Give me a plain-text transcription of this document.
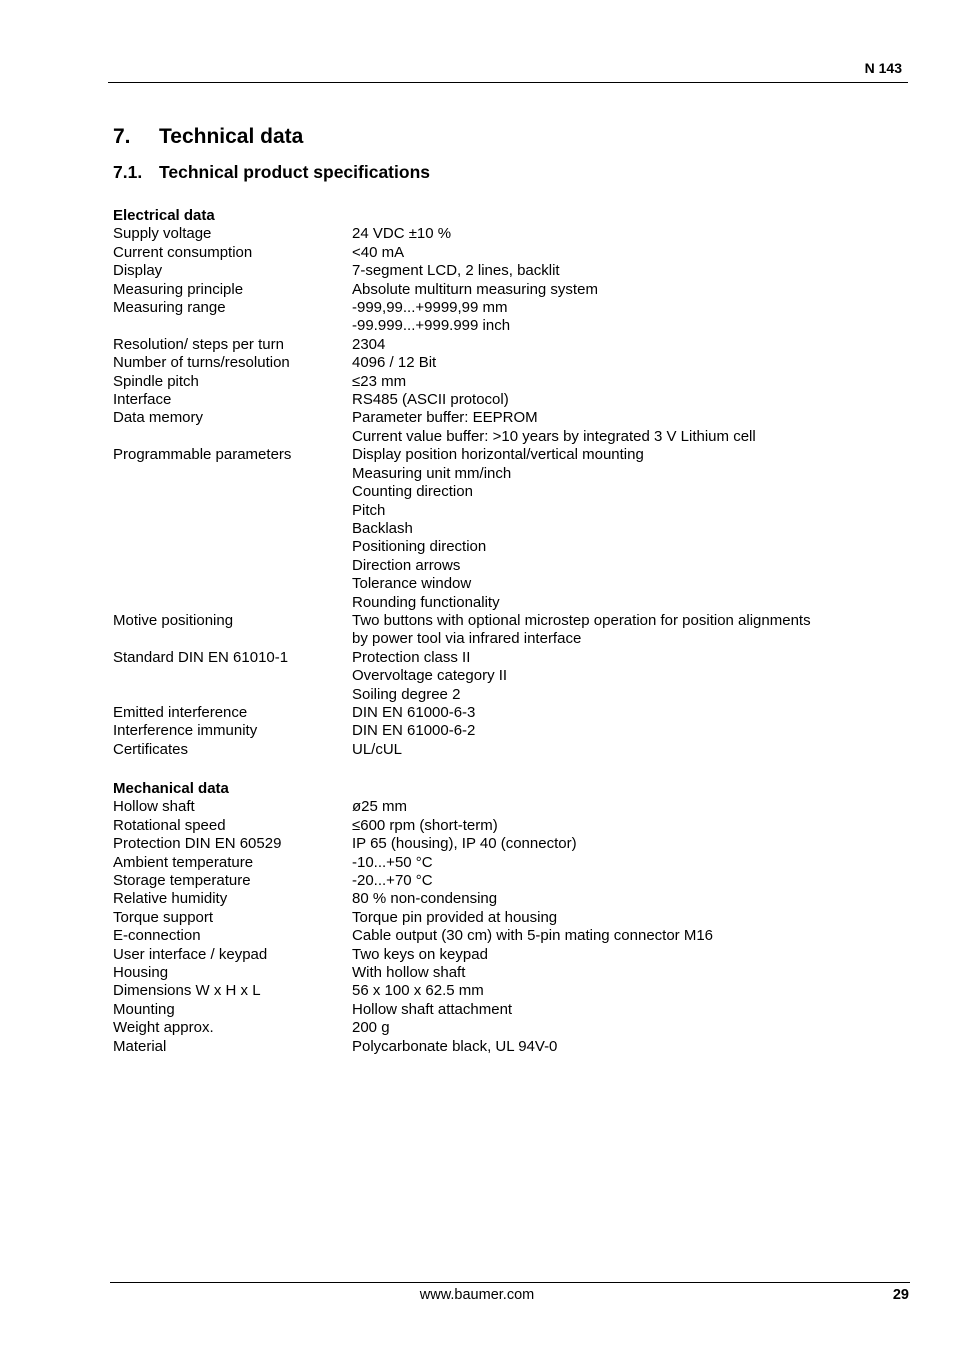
N 143
7. Technical data
7.1. Technical product specifications
Electrical data
Supply voltage	24 VDC ±10 %
Current consumption	<40 mA
Display	7-segment LCD, 2 lines, backlit
Measuring principle	Absolute multiturn measuring system
Measuring range	-999,99...+9999,99 mm
-99.999...+999.999 inch
Resolution/ steps per turn	2304
Number of turns/resolution	4096 / 12 Bit
Spindle pitch	≤23 mm
Interface	RS485 (ASCII protocol)
Data memory	Parameter buffer: EEPROM
Current value buffer: >10 years by integrated 3 V Lithium cell
Programmable parameters	Display position horizontal/vertical mounting
Measuring unit mm/inch
Counting direction
Pitch
Backlash
Positioning direction
Direction arrows
Tolerance window
Rounding functionality
Motive positioning	Two buttons with optional microstep operation for position alignments
by power tool via infrared interface
Standard DIN EN 61010-1	Protection class II
Overvoltage category II
Soiling degree 2
Emitted interference	DIN EN 61000-6-3
Interference immunity	DIN EN 61000-6-2
Certificates	UL/cUL
Mechanical data
Hollow shaft	ø25 mm
Rotational speed	≤600 rpm (short-term)
Protection DIN EN 60529	IP 65 (housing), IP 40 (connector)
Ambient temperature	-10...+50 °C
Storage temperature	-20...+70 °C
Relative humidity	80 % non-condensing
Torque support	Torque pin provided at housing
E-connection	Cable output (30 cm) with 5-pin mating connector M16
User interface / keypad	Two keys on keypad
Housing	With hollow shaft
Dimensions W x H x L	56 x 100 x 62.5 mm
Mounting	Hollow shaft attachment
Weight approx.	200 g
Material	Polycarbonate black, UL 94V-0
www.baumer.com	29
